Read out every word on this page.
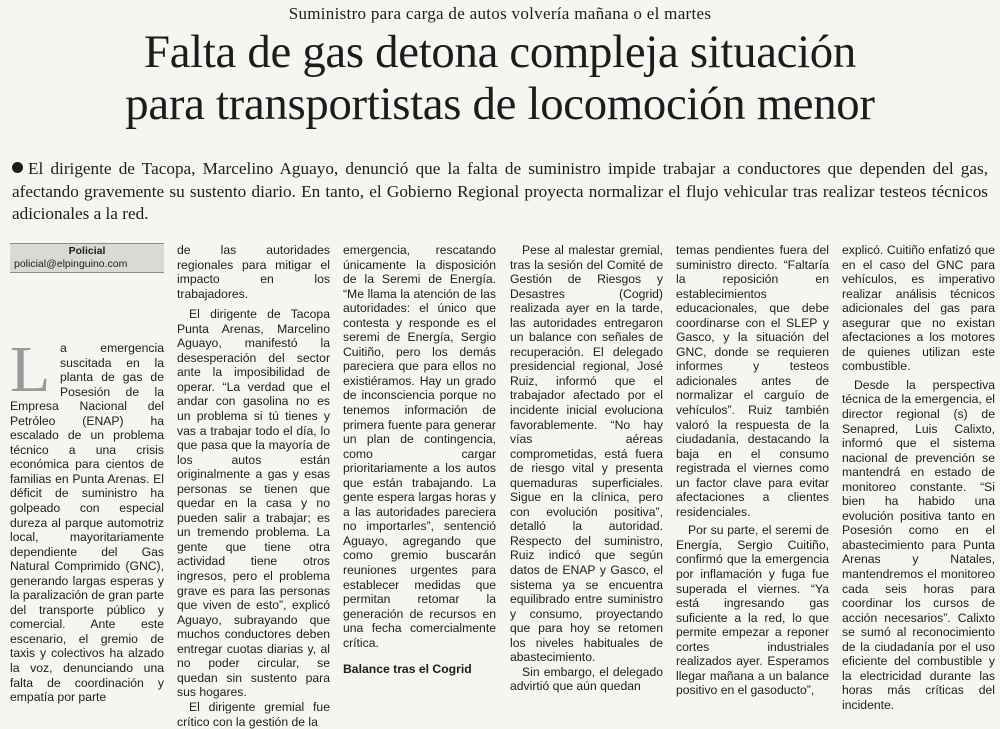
Suministro para carga de autos volvería mañana o el martes
Falta de gas detona compleja situación
para transportistas de locomoción menor
El dirigente de Tacopa, Marcelino Aguayo, denunció que la falta de suministro impide trabajar a conductores que dependen del gas, afectando gravemente su sustento diario. En tanto, el Gobierno Regional proyecta normalizar el flujo vehicular tras realizar testeos técnicos adicionales a la red.
Policial
policial@elpinguino.com
L a emergencia suscitada en la planta de gas de Posesión de la Empresa Nacional del Petróleo (ENAP) ha escalado de un problema técnico a una crisis económica para cientos de familias en Punta Arenas. El déficit de suministro ha golpeado con especial dureza al parque automotriz local, mayoritariamente dependiente del Gas Natural Comprimido (GNC), generando largas esperas y la paralización de gran parte del transporte público y comercial. Ante este escenario, el gremio de taxis y colectivos ha alzado la voz, denunciando una falta de coordinación y empatía por parte

de las autoridades regionales para mitigar el impacto en los trabajadores.

El dirigente de Tacopa Punta Arenas, Marcelino Aguayo, manifestó la desesperación del sector ante la imposibilidad de operar. “La verdad que el andar con gasolina no es un problema si tú tienes y vas a trabajar todo el día, lo que pasa que la mayoría de los autos están originalmente a gas y esas personas se tienen que quedar en la casa y no pueden salir a trabajar; es un tremendo problema. La gente que tiene otra actividad tiene otros ingresos, pero el problema grave es para las personas que viven de esto”, explicó Aguayo, subrayando que muchos conductores deben entregar cuotas diarias y, al no poder circular, se quedan sin sustento para sus hogares.

El dirigente gremial fue crítico con la gestión de la

emergencia, rescatando únicamente la disposición de la Seremi de Energía. “Me llama la atención de las autoridades: el único que contesta y responde es el seremi de Energía, Sergio Cuitiño, pero los demás pareciera que para ellos no existiéramos. Hay un grado de inconsciencia porque no tenemos información de primera fuente para generar un plan de contingencia, como cargar prioritariamente a los autos que están trabajando. La gente espera largas horas y a las autoridades pareciera no importarles”, sentenció Aguayo, agregando que como gremio buscarán reuniones urgentes para establecer medidas que permitan retomar la generación de recursos en una fecha comercialmente crítica.

Balance tras el Cogrid

Pese al malestar gremial, tras la sesión del Comité de Gestión de Riesgos y Desastres (Cogrid) realizada ayer en la tarde, las autoridades entregaron un balance con señales de recuperación. El delegado presidencial regional, José Ruiz, informó que el trabajador afectado por el incidente inicial evoluciona favorablemente. “No hay vías aéreas comprometidas, está fuera de riesgo vital y presenta quemaduras superficiales. Sigue en la clínica, pero con evolución positiva”, detalló la autoridad. Respecto del suministro, Ruiz indicó que según datos de ENAP y Gasco, el sistema ya se encuentra equilibrado entre suministro y consumo, proyectando que para hoy se retomen los niveles habituales de abastecimiento.

Sin embargo, el delegado advirtió que aún quedan

temas pendientes fuera del suministro directo. “Faltaría la reposición en establecimientos educacionales, que debe coordinarse con el SLEP y Gasco, y la situación del GNC, donde se requieren informes y testeos adicionales antes de normalizar el carguío de vehículos”. Ruiz también valoró la respuesta de la ciudadanía, destacando la baja en el consumo registrada el viernes como un factor clave para evitar afectaciones a clientes residenciales.

Por su parte, el seremi de Energía, Sergio Cuitiño, confirmó que la emergencia por inflamación y fuga fue superada el viernes. “Ya está ingresando gas suficiente a la red, lo que permite empezar a reponer cortes industriales realizados ayer. Esperamos llegar mañana a un balance positivo en el gasoducto”,

explicó. Cuitiño enfatizó que en el caso del GNC para vehículos, es imperativo realizar análisis técnicos adicionales del gas para asegurar que no existan afectaciones a los motores de quienes utilizan este combustible.

Desde la perspectiva técnica de la emergencia, el director regional (s) de Senapred, Luis Calixto, informó que el sistema nacional de prevención se mantendrá en estado de monitoreo constante. “Si bien ha habido una evolución positiva tanto en Posesión como en el abastecimiento para Punta Arenas y Natales, mantendremos el monitoreo cada seis horas para coordinar los cursos de acción necesarios”. Calixto se sumó al reconocimiento de la ciudadanía por el uso eficiente del combustible y la electricidad durante las horas más críticas del incidente.
